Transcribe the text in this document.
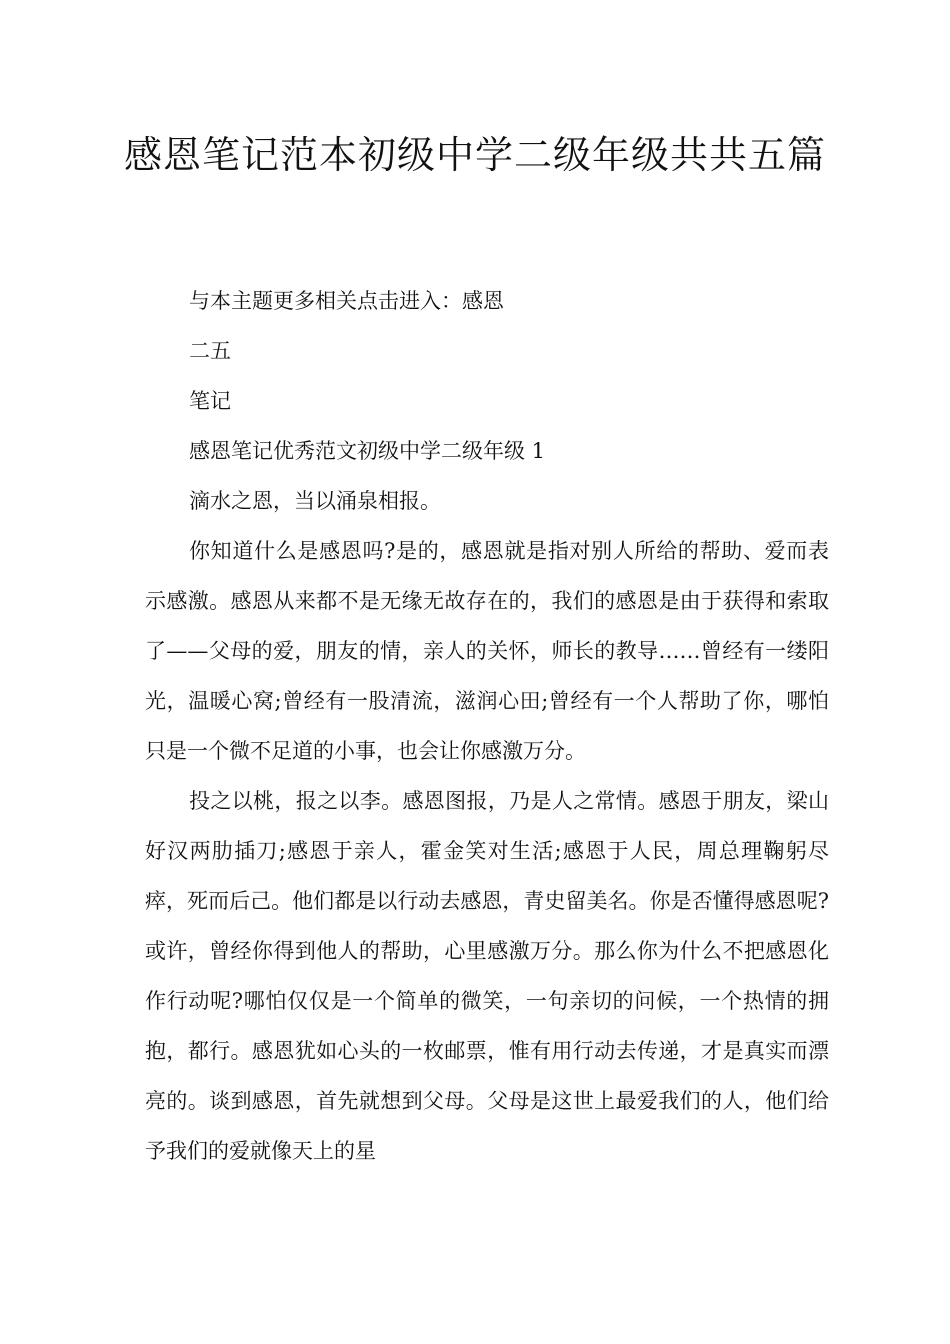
感恩笔记范本初级中学二级年级共共五篇

与本主题更多相关点击进入：感恩

二五

笔记

感恩笔记优秀范文初级中学二级年级 1

滴水之恩，当以涌泉相报。

你知道什么是感恩吗?是的，感恩就是指对别人所给的帮助、爱而表示感激。感恩从来都不是无缘无故存在的，我们的感恩是由于获得和索取了——父母的爱，朋友的情，亲人的关怀，师长的教导……曾经有一缕阳光，温暖心窝;曾经有一股清流，滋润心田;曾经有一个人帮助了你，哪怕只是一个微不足道的小事，也会让你感激万分。

投之以桃，报之以李。感恩图报，乃是人之常情。感恩于朋友，梁山好汉两肋插刀;感恩于亲人，霍金笑对生活;感恩于人民，周总理鞠躬尽瘁，死而后己。他们都是以行动去感恩，青史留美名。你是否懂得感恩呢?或许，曾经你得到他人的帮助，心里感激万分。那么你为什么不把感恩化作行动呢?哪怕仅仅是一个简单的微笑，一句亲切的问候，一个热情的拥抱，都行。感恩犹如心头的一枚邮票，惟有用行动去传递，才是真实而漂亮的。谈到感恩，首先就想到父母。父母是这世上最爱我们的人，他们给予我们的爱就像天上的星
